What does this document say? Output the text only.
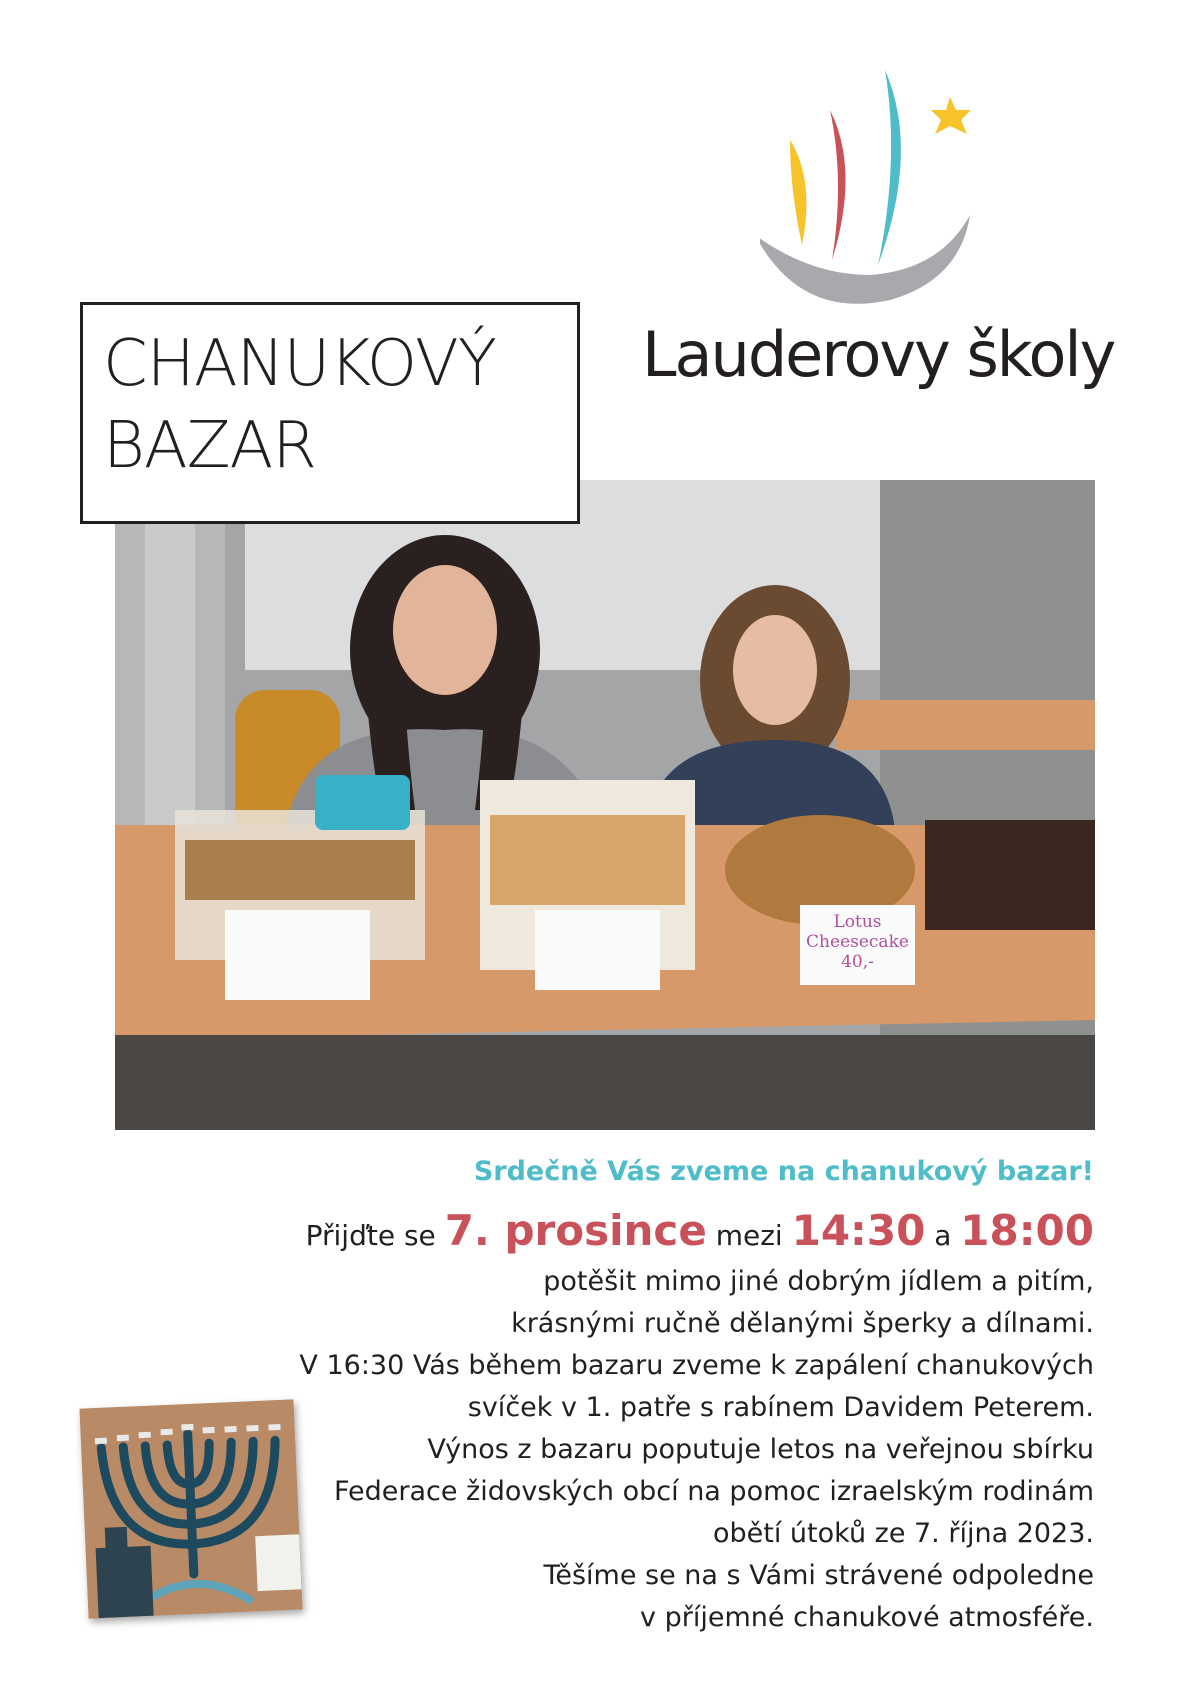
Lauderovy školy
Lotus
Cheesecake
40,-
CHANUKOVÝ
BAZAR
Srdečně Vás zveme na chanukový bazar!
Přijďte se 7. prosince mezi 14:30 a 18:00
potěšit mimo jiné dobrým jídlem a pitím,
krásnými ručně dělanými šperky a dílnami.
V 16:30 Vás během bazaru zveme k zapálení chanukových
svíček v 1. patře s rabínem Davidem Peterem.
Výnos z bazaru poputuje letos na veřejnou sbírku
Federace židovských obcí na pomoc izraelským rodinám
obětí útoků ze 7. října 2023.
Těšíme se na s Vámi strávené odpoledne
v příjemné chanukové atmosféře.
